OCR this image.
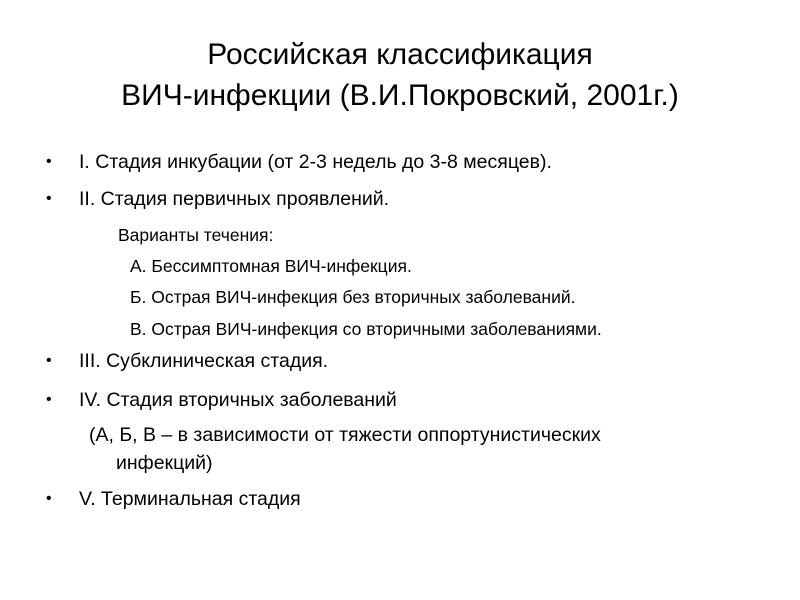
Российская классификация
ВИЧ-инфекции (В.И.Покровский, 2001г.)
• I. Стадия инкубации (от 2-3 недель до 3-8 месяцев).

• II. Стадия первичных проявлений.

Варианты течения:

А. Бессимптомная ВИЧ-инфекция.

Б. Острая ВИЧ-инфекция без вторичных заболеваний.

В. Острая ВИЧ-инфекция со вторичными заболеваниями.

• III. Субклиническая стадия.

• IV. Стадия вторичных заболеваний

(А, Б, В – в зависимости от тяжести оппортунистических

инфекций)

• V. Терминальная стадия
